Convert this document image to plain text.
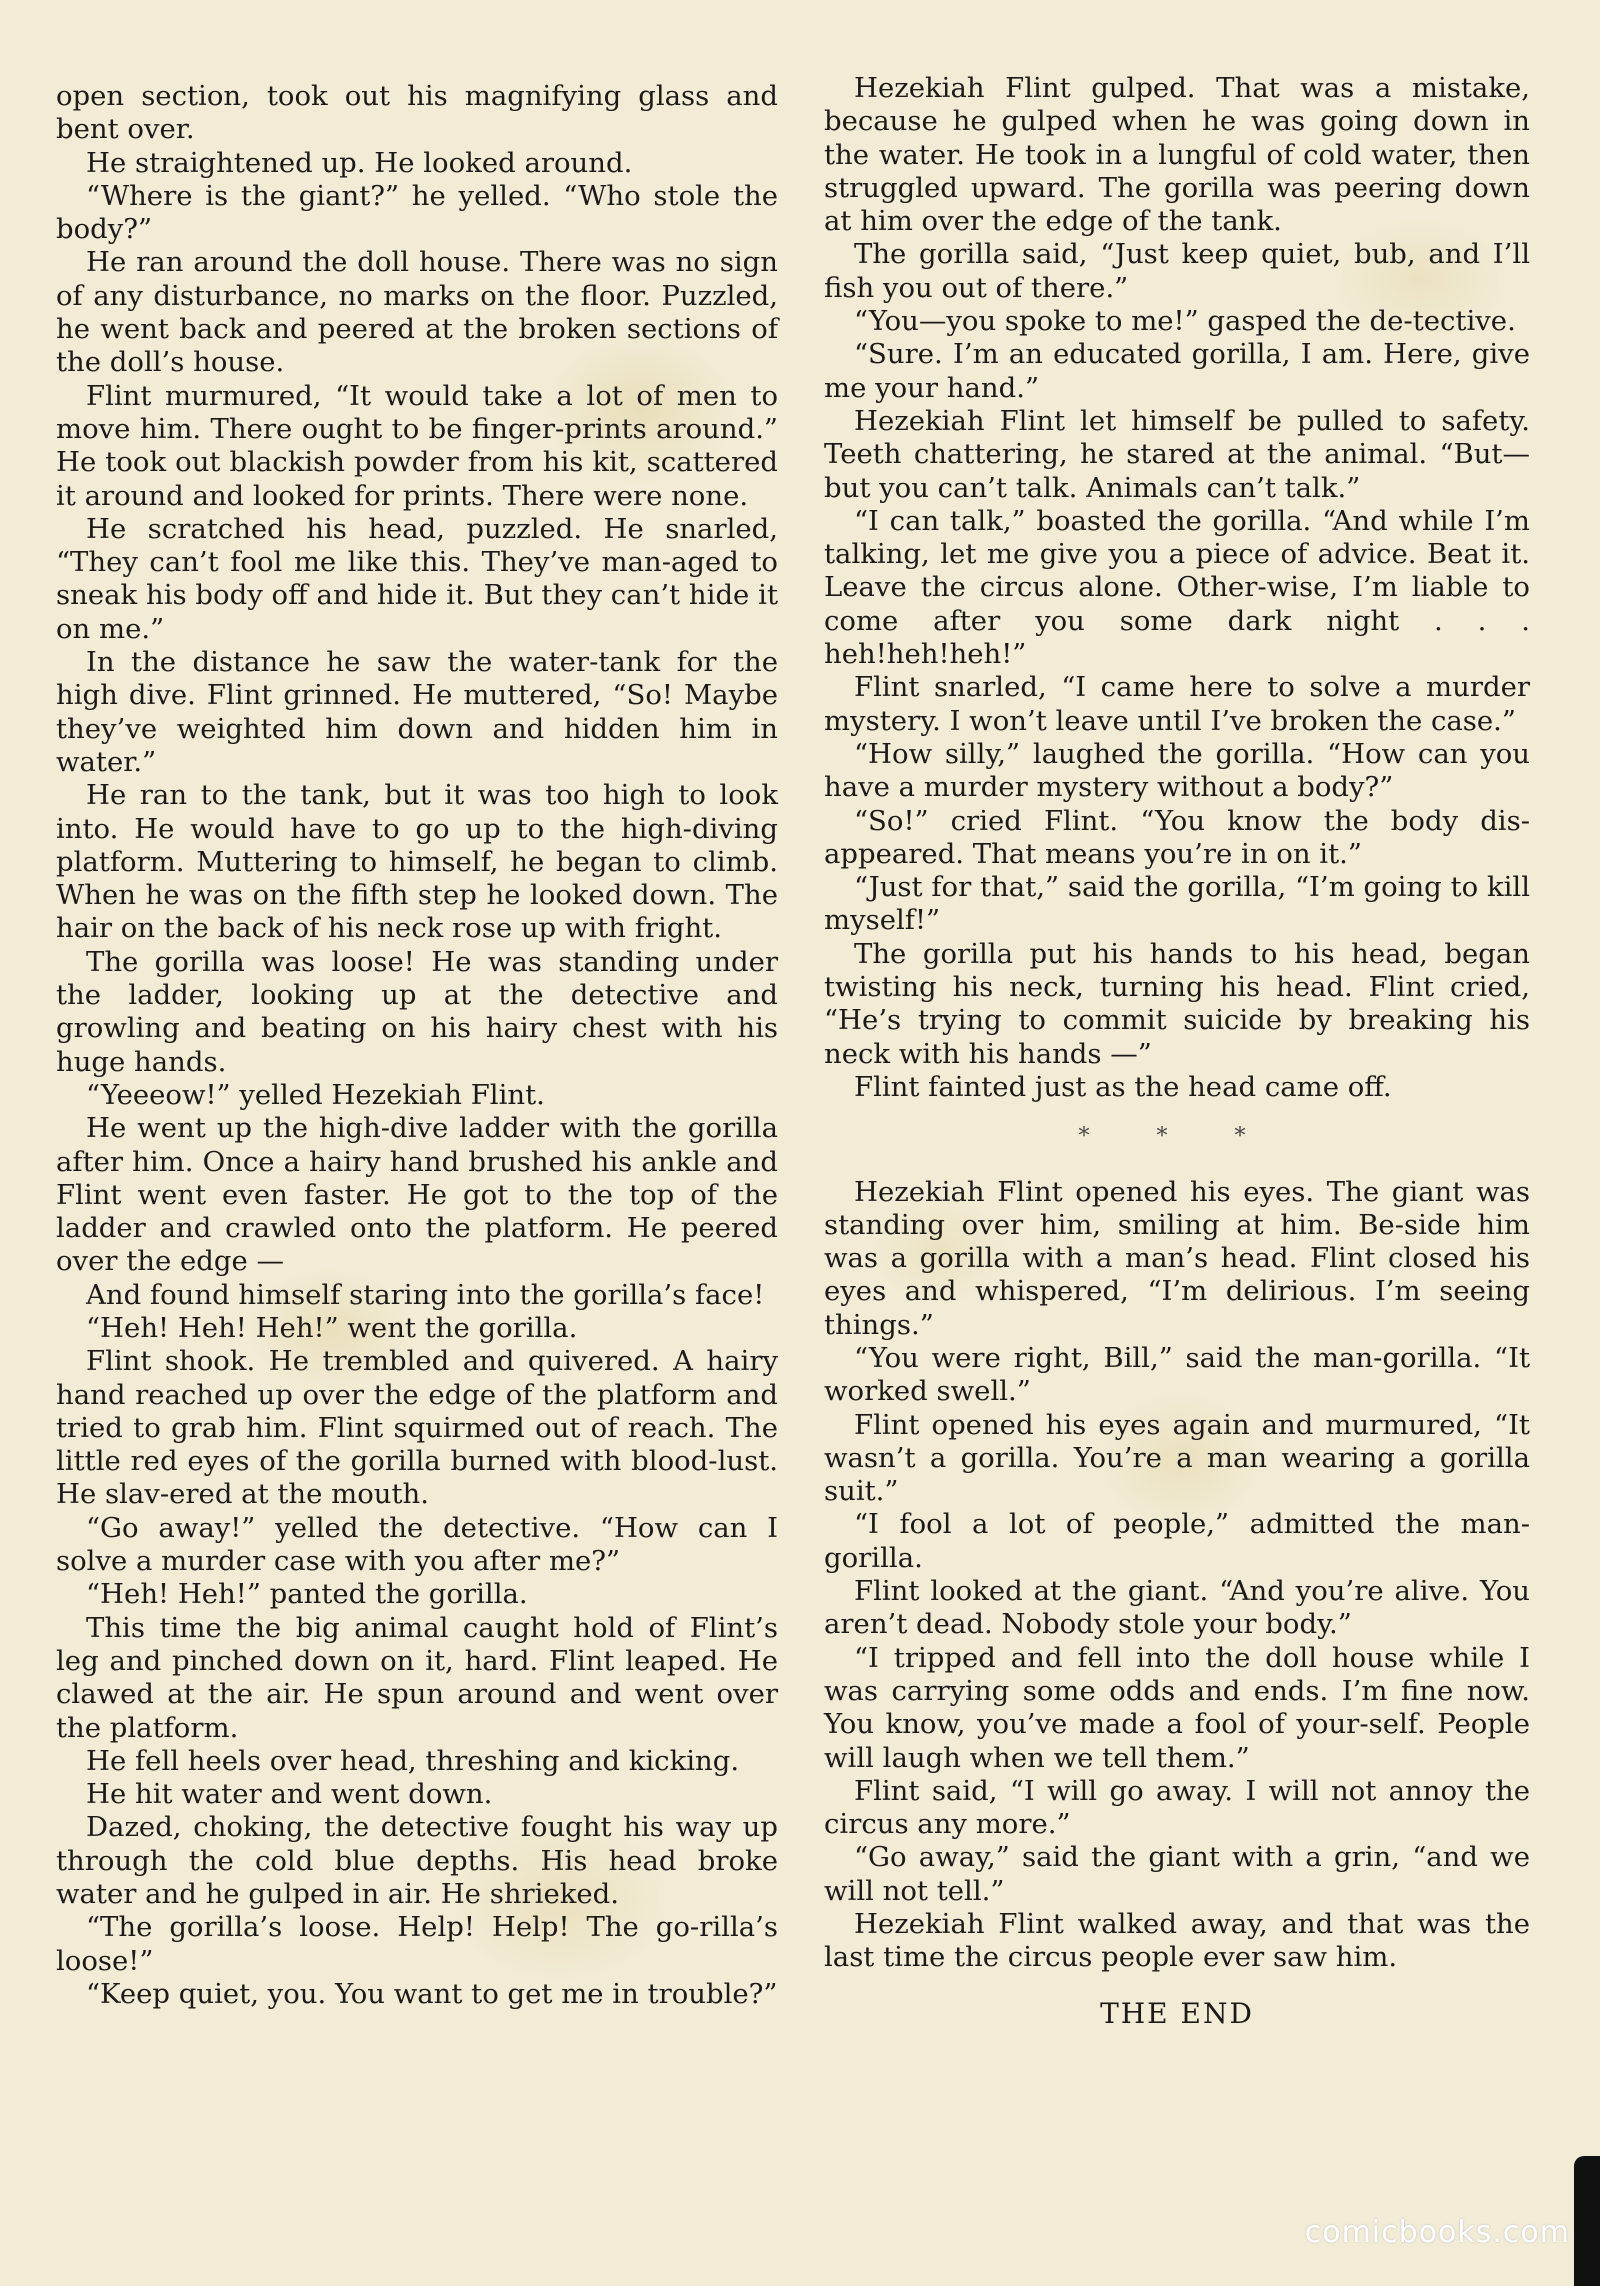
open section, took out his magnifying glass and bent over.

He straightened up. He looked around.

“Where is the giant?” he yelled. “Who stole the body?”

He ran around the doll house. There was no sign of any disturbance, no marks on the floor. Puzzled, he went back and peered at the broken sections of the doll’s house.

Flint murmured, “It would take a lot of men to move him. There ought to be finger-prints around.” He took out blackish powder from his kit, scattered it around and looked for prints. There were none.

He scratched his head, puzzled. He snarled, “They can’t fool me like this. They’ve man-aged to sneak his body off and hide it. But they can’t hide it on me.”

In the distance he saw the water-tank for the high dive. Flint grinned. He muttered, “So! Maybe they’ve weighted him down and hidden him in water.”

He ran to the tank, but it was too high to look into. He would have to go up to the high-diving platform. Muttering to himself, he began to climb. When he was on the fifth step he looked down. The hair on the back of his neck rose up with fright.

The gorilla was loose! He was standing under the ladder, looking up at the detective and growling and beating on his hairy chest with his huge hands.

“Yeeeow!” yelled Hezekiah Flint.

He went up the high-dive ladder with the gorilla after him. Once a hairy hand brushed his ankle and Flint went even faster. He got to the top of the ladder and crawled onto the platform. He peered over the edge —

And found himself staring into the gorilla’s face!

“Heh! Heh! Heh!” went the gorilla.

Flint shook. He trembled and quivered. A hairy hand reached up over the edge of the platform and tried to grab him. Flint squirmed out of reach. The little red eyes of the gorilla burned with blood-lust. He slav-ered at the mouth.

“Go away!” yelled the detective. “How can I solve a murder case with you after me?”

“Heh! Heh!” panted the gorilla.

This time the big animal caught hold of Flint’s leg and pinched down on it, hard. Flint leaped. He clawed at the air. He spun around and went over the platform.

He fell heels over head, threshing and kicking.

He hit water and went down.

Dazed, choking, the detective fought his way up through the cold blue depths. His head broke water and he gulped in air. He shrieked.

“The gorilla’s loose. Help! Help! The go-rilla’s loose!”

“Keep quiet, you. You want to get me in trouble?”

Hezekiah Flint gulped. That was a mistake, because he gulped when he was going down in the water. He took in a lungful of cold water, then struggled upward. The gorilla was peering down at him over the edge of the tank.

The gorilla said, “Just keep quiet, bub, and I’ll fish you out of there.”

“You—you spoke to me!” gasped the de-tective.

“Sure. I’m an educated gorilla, I am. Here, give me your hand.”

Hezekiah Flint let himself be pulled to safety. Teeth chattering, he stared at the animal. “But—but you can’t talk. Animals can’t talk.”

“I can talk,” boasted the gorilla. “And while I’m talking, let me give you a piece of advice. Beat it. Leave the circus alone. Other-wise, I’m liable to come after you some dark night . . . heh!heh!heh!”

Flint snarled, “I came here to solve a murder mystery. I won’t leave until I’ve broken the case.”

“How silly,” laughed the gorilla. “How can you have a murder mystery without a body?”

“So!” cried Flint. “You know the body dis-appeared. That means you’re in on it.”

“Just for that,” said the gorilla, “I’m going to kill myself!”

The gorilla put his hands to his head, began twisting his neck, turning his head. Flint cried, “He’s trying to commit suicide by breaking his neck with his hands —”

Flint fainted just as the head came off.

* * *

Hezekiah Flint opened his eyes. The giant was standing over him, smiling at him. Be-side him was a gorilla with a man’s head. Flint closed his eyes and whispered, “I’m delirious. I’m seeing things.”

“You were right, Bill,” said the man-gorilla. “It worked swell.”

Flint opened his eyes again and murmured, “It wasn’t a gorilla. You’re a man wearing a gorilla suit.”

“I fool a lot of people,” admitted the man-gorilla.

Flint looked at the giant. “And you’re alive. You aren’t dead. Nobody stole your body.”

“I tripped and fell into the doll house while I was carrying some odds and ends. I’m fine now. You know, you’ve made a fool of your-self. People will laugh when we tell them.”

Flint said, “I will go away. I will not annoy the circus any more.”

“Go away,” said the giant with a grin, “and we will not tell.”

Hezekiah Flint walked away, and that was the last time the circus people ever saw him.

THE END

comicbooks.com
